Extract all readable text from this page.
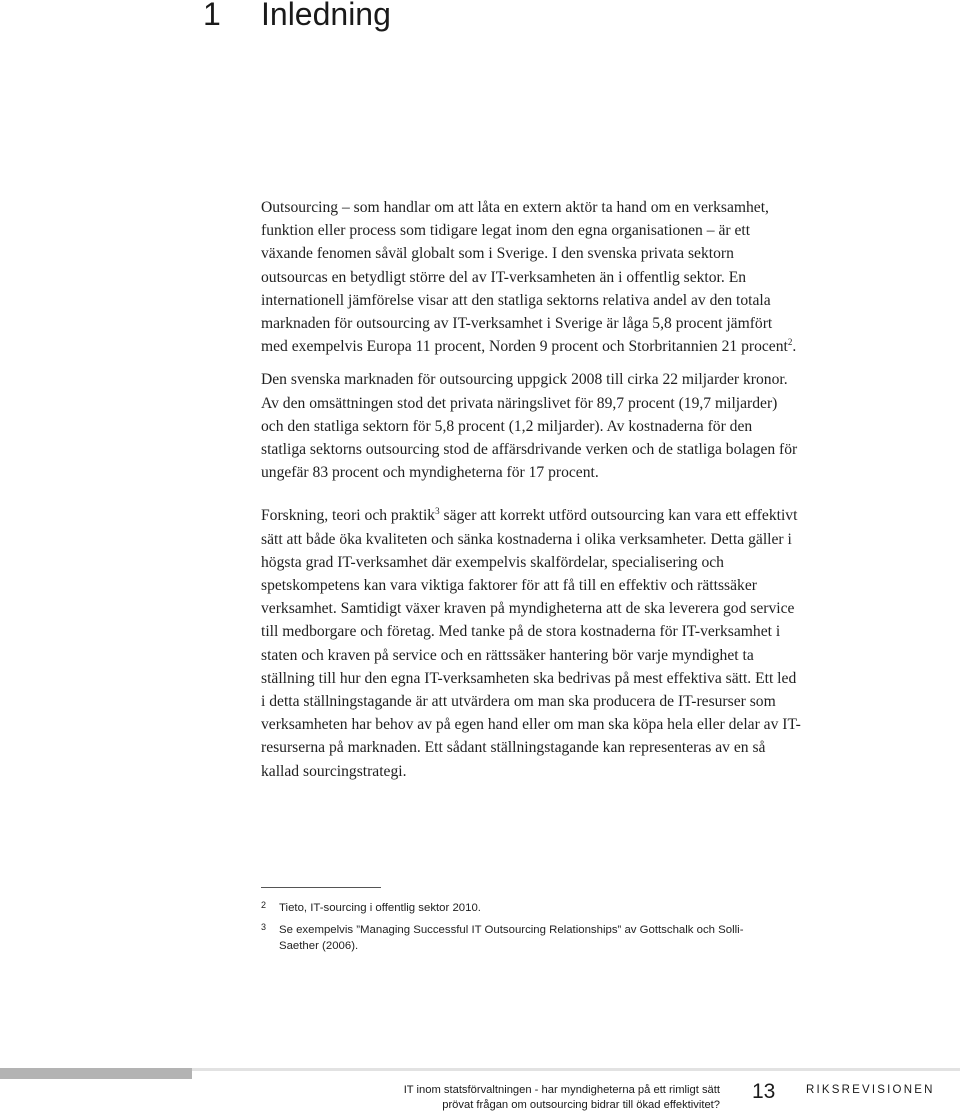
1	Inledning

Outsourcing – som handlar om att låta en extern aktör ta hand om en verksamhet, funktion eller process som tidigare legat inom den egna organisationen – är ett växande fenomen såväl globalt som i Sverige. I den svenska privata sektorn outsourcas en betydligt större del av IT-verksamheten än i offentlig sektor. En internationell jämförelse visar att den statliga sektorns relativa andel av den totala marknaden för outsourcing av IT-verksamhet i Sverige är låga 5,8 procent jämfört med exempelvis Europa 11 procent, Norden 9 procent och Storbritannien 21 procent$^2$.

Den svenska marknaden för outsourcing uppgick 2008 till cirka 22 miljarder kronor. Av den omsättningen stod det privata näringslivet för 89,7 procent (19,7 miljarder) och den statliga sektorn för 5,8 procent (1,2 miljarder). Av kostnaderna för den statliga sektorns outsourcing stod de affärsdrivande verken och de statliga bolagen för ungefär 83 procent och myndigheterna för 17 procent.

Forskning, teori och praktik$^3$ säger att korrekt utförd outsourcing kan vara ett effektivt sätt att både öka kvaliteten och sänka kostnaderna i olika verksamheter. Detta gäller i högsta grad IT-verksamhet där exempelvis skalfördelar, specialisering och spetskompetens kan vara viktiga faktorer för att få till en effektiv och rättssäker verksamhet. Samtidigt växer kraven på myndigheterna att de ska leverera god service till medborgare och företag. Med tanke på de stora kostnaderna för IT-verksamhet i staten och kraven på service och en rättssäker hantering bör varje myndighet ta ställning till hur den egna IT-verksamheten ska bedrivas på mest effektiva sätt. Ett led i detta ställningstagande är att utvärdera om man ska producera de IT-resurser som verksamheten har behov av på egen hand eller om man ska köpa hela eller delar av IT-resurserna på marknaden. Ett sådant ställningstagande kan representeras av en så kallad sourcingstrategi.

2 Tieto, IT-sourcing i offentlig sektor 2010.
3 Se exempelvis ”Managing Successful IT Outsourcing Relationships” av Gottschalk och Solli-Saether (2006).
IT inom statsförvaltningen - har myndigheterna på ett rimligt sätt
prövat frågan om outsourcing bidrar till ökad effektivitet?
13	RIKSREVISIONEN
